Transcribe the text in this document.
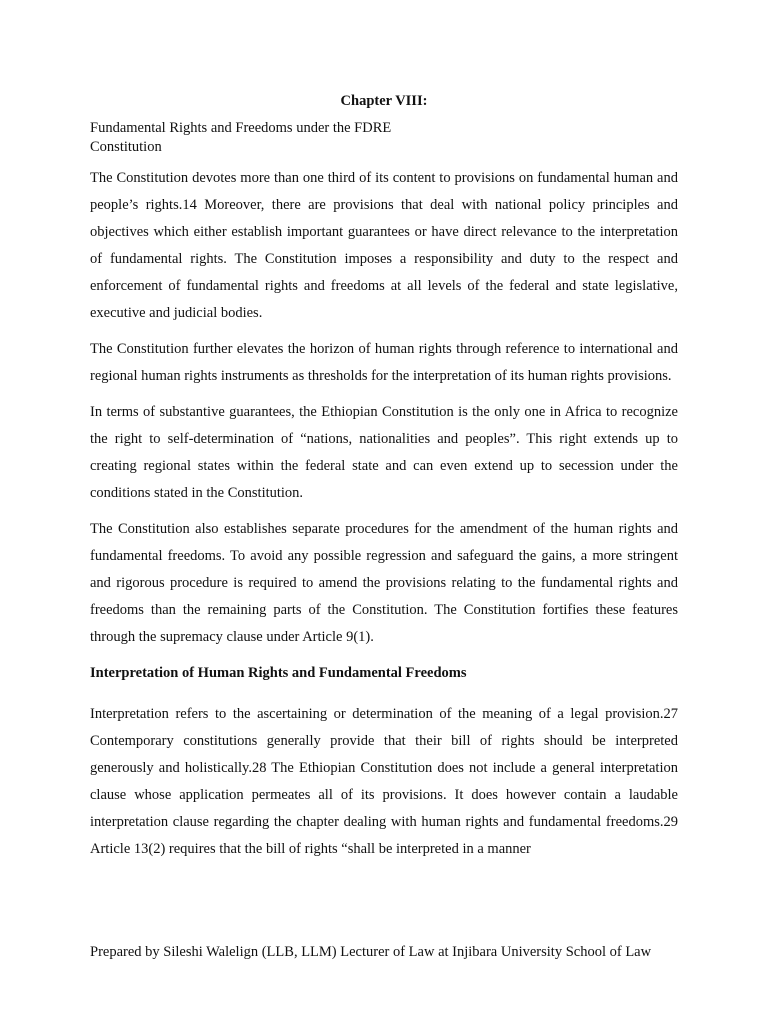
Chapter VIII:
Fundamental Rights and Freedoms under the FDRE
Constitution

The Constitution devotes more than one third of its content to provisions on fundamental human and people’s rights.14 Moreover, there are provisions that deal with national policy principles and objectives which either establish important guarantees or have direct relevance to the interpretation of fundamental rights. The Constitution imposes a responsibility and duty to the respect and enforcement of fundamental rights and freedoms at all levels of the federal and state legislative, executive and judicial bodies.

The Constitution further elevates the horizon of human rights through reference to international and regional human rights instruments as thresholds for the interpretation of its human rights provisions.

In terms of substantive guarantees, the Ethiopian Constitution is the only one in Africa to recognize the right to self-determination of “nations, nationalities and peoples”. This right extends up to creating regional states within the federal state and can even extend up to secession under the conditions stated in the Constitution.

The Constitution also establishes separate procedures for the amendment of the human rights and fundamental freedoms. To avoid any possible regression and safeguard the gains, a more stringent and rigorous procedure is required to amend the provisions relating to the fundamental rights and freedoms than the remaining parts of the Constitution. The Constitution fortifies these features through the supremacy clause under Article 9(1).

Interpretation of Human Rights and Fundamental Freedoms

Interpretation refers to the ascertaining or determination of the meaning of a legal provision.27 Contemporary constitutions generally provide that their bill of rights should be interpreted generously and holistically.28 The Ethiopian Constitution does not include a general interpretation clause whose application permeates all of its provisions. It does however contain a laudable interpretation clause regarding the chapter dealing with human rights and fundamental freedoms.29 Article 13(2) requires that the bill of rights “shall be interpreted in a manner

Prepared by Sileshi Walelign (LLB, LLM) Lecturer of Law at Injibara University School of Law
